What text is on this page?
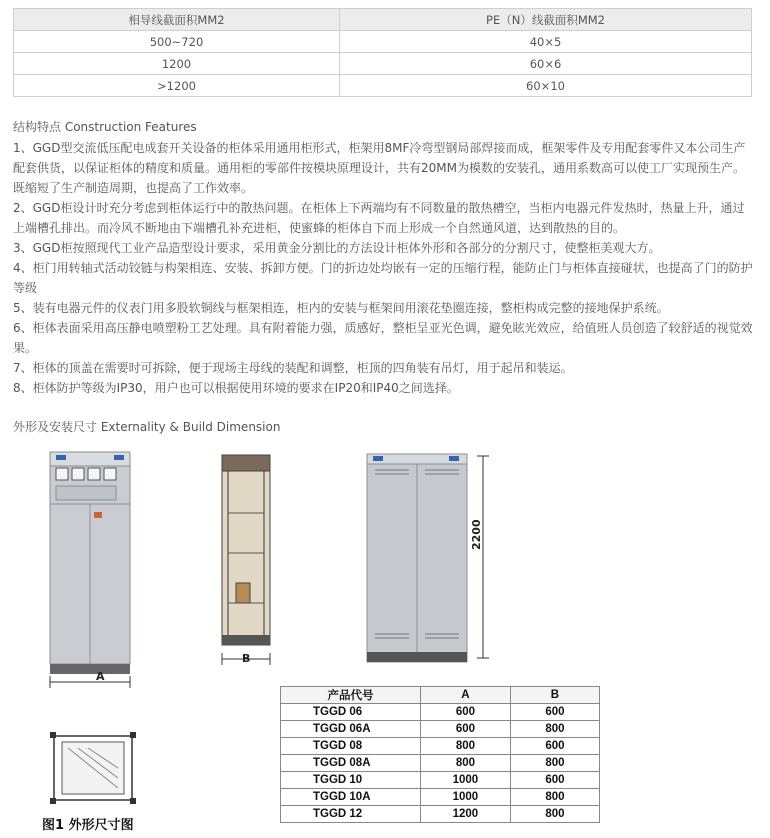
相导线截面积MM2	PE（N）线截面积MM2
500~720	40×5
1200	60×6
>1200	60×10
结构特点 Construction Features

1、GGD型交流低压配电成套开关设备的柜体采用通用柜形式，柜架用8MF冷弯型钢局部焊接而成，框架零件及专用配套零件又本公司生产配套供货，以保证柜体的精度和质量。通用柜的零部件按模块原理设计，共有20MM为模数的安装孔，通用系数高可以使工厂实现预生产。既缩短了生产制造周期，也提高了工作效率。

2、GGD柜设计时充分考虑到柜体运行中的散热问题。在柜体上下两端均有不同数量的散热槽空，当柜内电器元件发热时，热量上升，通过上端槽孔排出。而冷风不断地由下端槽孔补充进柜，使蜜蜂的柜体自下而上形成一个自然通风道，达到散热的目的。

3、GGD柜按照现代工业产品造型设计要求，采用黄金分割比的方法设计柜体外形和各部分的分割尺寸，使整柜美观大方。

4、柜门用转轴式活动铰链与构架相连、安装、拆卸方便。门的折边处均嵌有一定的压缩行程，能防止门与柜体直接碰状，也提高了门的防护等级

5、装有电器元件的仪表门用多股软铜线与框架相连，柜内的安装与框架间用滚花垫圈连接，整柜构成完整的接地保护系统。

6、柜体表面采用高压静电喷塑粉工艺处理。具有附着能力强，质感好，整柜呈亚光色调，避免眩光效应，给值班人员创造了较舒适的视觉效果。

7、柜体的顶盖在需要时可拆除，便于现场主母线的装配和调整，柜顶的四角装有吊灯，用于起吊和装运。

8、柜体防护等级为IP30，用户也可以根据使用环境的要求在IP20和IP40之间选择。

外形及安装尺寸 Externality & Build Dimension
A
B
2200
产品代号	A	B
TGGD 06	600	600
TGGD 06A	600	800
TGGD 08	800	600
TGGD 08A	800	800
TGGD 10	1000	600
TGGD 10A	1000	800
TGGD 12	1200	800
图1 外形尺寸图
